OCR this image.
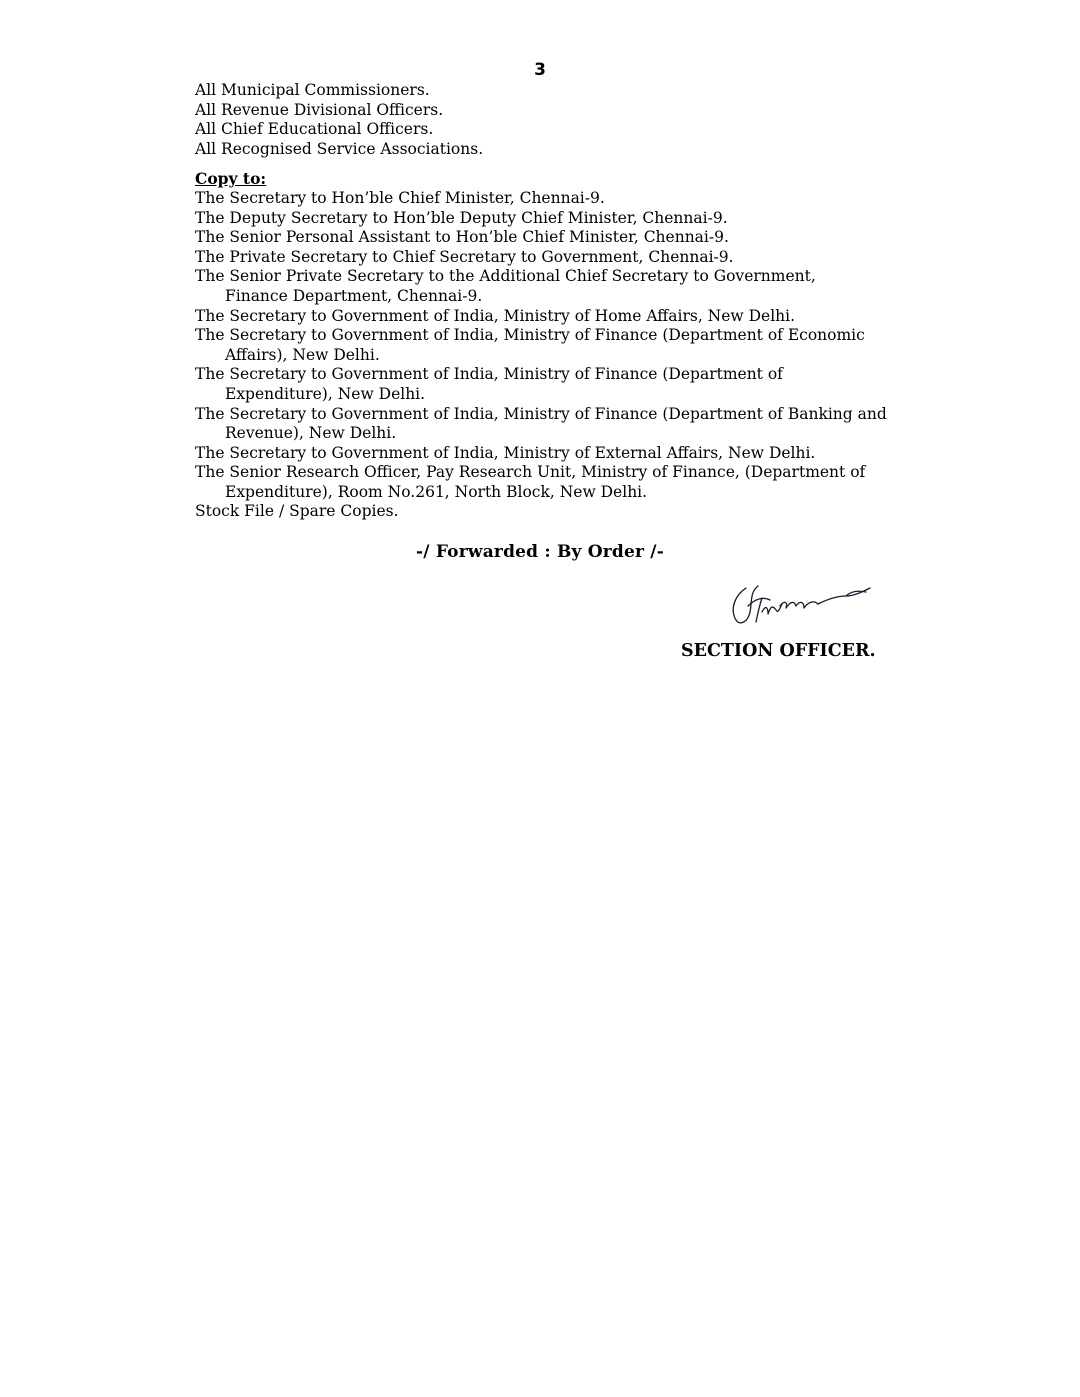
3
All Municipal Commissioners.
All Revenue Divisional Officers.
All Chief Educational Officers.
All Recognised Service Associations.
Copy to:
The Secretary to Hon’ble Chief Minister, Chennai-9.
The Deputy Secretary to Hon’ble Deputy Chief Minister, Chennai-9.
The Senior Personal Assistant to Hon’ble Chief Minister, Chennai-9.
The Private Secretary to Chief Secretary to Government, Chennai-9.
The Senior Private Secretary to the Additional Chief Secretary to Government, Finance Department, Chennai-9.
The Secretary to Government of India, Ministry of Home Affairs, New Delhi.
The Secretary to Government of India, Ministry of Finance (Department of Economic Affairs), New Delhi.
The Secretary to Government of India, Ministry of Finance (Department of Expenditure), New Delhi.
The Secretary to Government of India, Ministry of Finance (Department of Banking and Revenue), New Delhi.
The Secretary to Government of India, Ministry of External Affairs, New Delhi.
The Senior Research Officer, Pay Research Unit, Ministry of Finance, (Department of Expenditure), Room No.261, North Block, New Delhi.
Stock File / Spare Copies.
-/ Forwarded : By Order /-
SECTION OFFICER.
